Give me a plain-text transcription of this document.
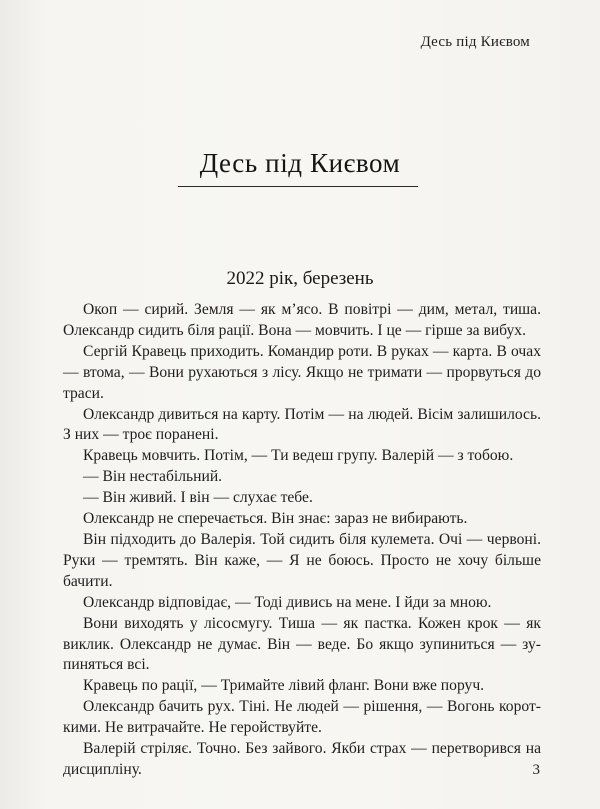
Десь під Києвом
Десь під Києвом
2022 рік, березень

Окоп — сирий. Земля — як м’ясо. В повітрі — дим, метал, тиша. Олександр сидить біля рації. Вона — мовчить. І це — гірше за вибух.

Сергій Кравець приходить. Командир роти. В руках — карта. В очах — втома, — Вони рухаються з лісу. Якщо не тримати — прорвуться до траси.

Олександр дивиться на карту. Потім — на людей. Вісім залишилось. З них — троє поранені.

Кравець мовчить. Потім, — Ти ведеш групу. Валерій — з тобою.

— Він нестабільний.

— Він живий. І він — слухає тебе.

Олександр не сперечається. Він знає: зараз не вибирають.

Він підходить до Валерія. Той сидить біля кулемета. Очі — червоні. Руки — тремтять. Він каже, — Я не боюсь. Просто не хочу більше бачити.

Олександр відповідає, — Тоді дивись на мене. І йди за мною.

Вони виходять у лісосмугу. Тиша — як пастка. Кожен крок — як виклик. Олександр не думає. Він — веде. Бо якщо зупиниться — зупиняться всі.

Кравець по рації, — Тримайте лівий фланг. Вони вже поруч.

Олександр бачить рух. Тіні. Не людей — рішення, — Вогонь короткими. Не витрачайте. Не геройствуйте.

Валерій стріляє. Точно. Без зайвого. Якби страх — перетворився на дисципліну.	3
